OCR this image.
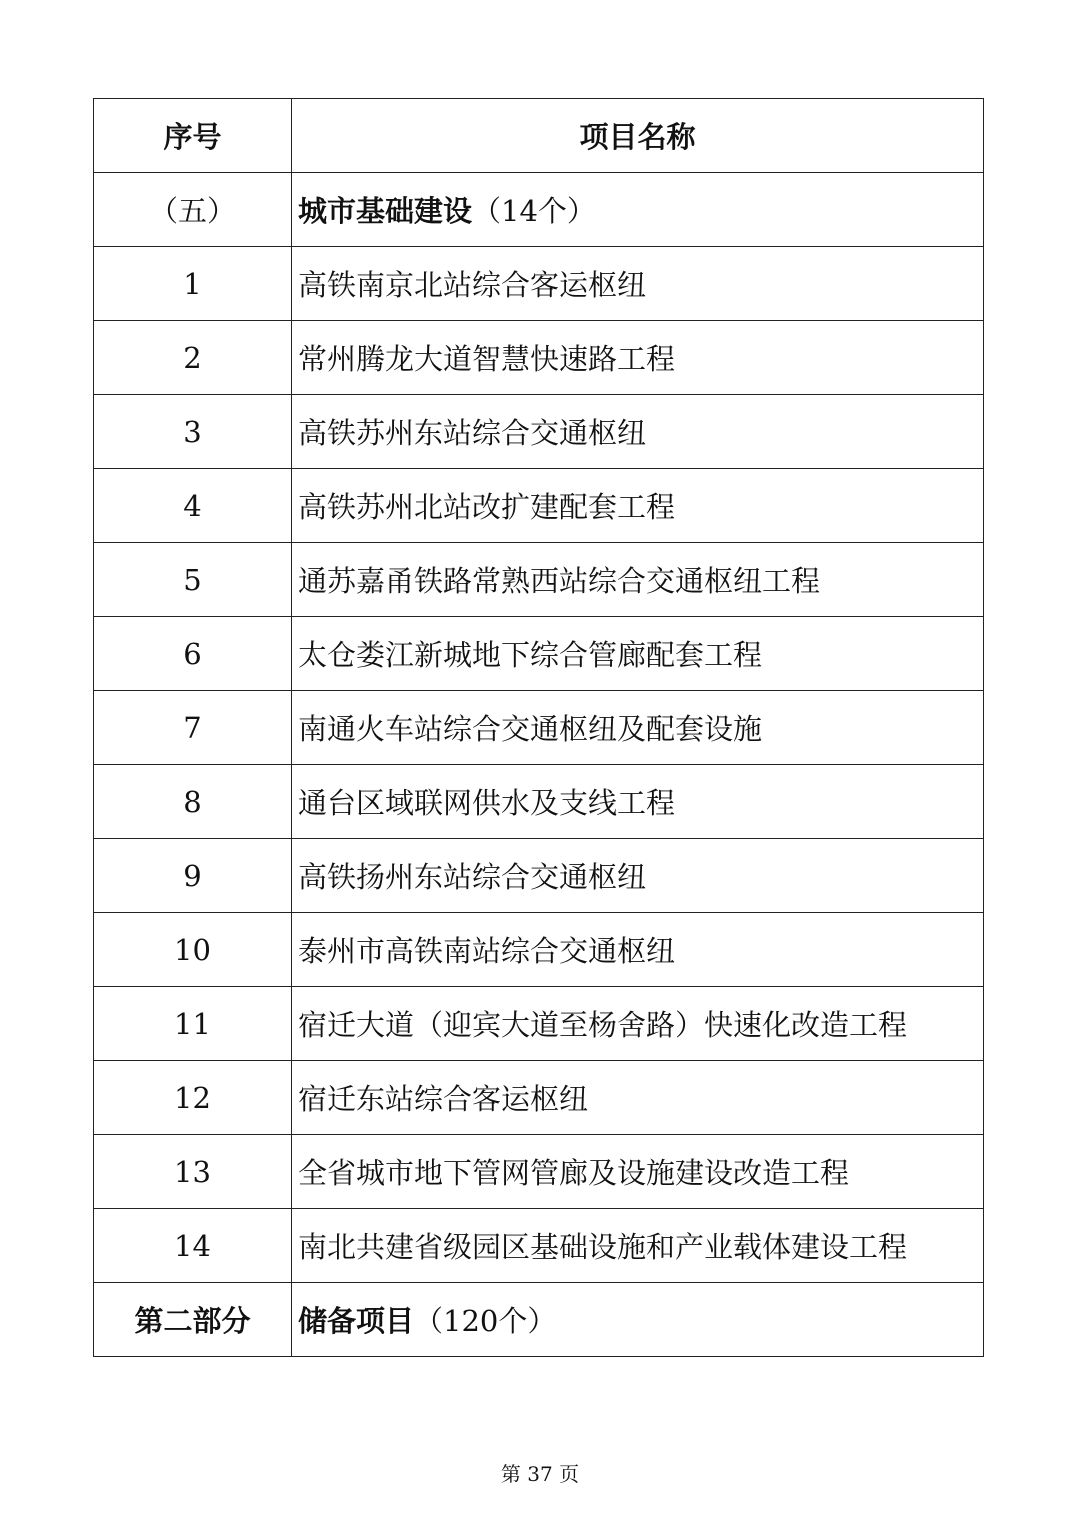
序号	项目名称
（五）	城市基础建设（14个）
1	高铁南京北站综合客运枢纽
2	常州腾龙大道智慧快速路工程
3	高铁苏州东站综合交通枢纽
4	高铁苏州北站改扩建配套工程
5	通苏嘉甬铁路常熟西站综合交通枢纽工程
6	太仓娄江新城地下综合管廊配套工程
7	南通火车站综合交通枢纽及配套设施
8	通台区域联网供水及支线工程
9	高铁扬州东站综合交通枢纽
10	泰州市高铁南站综合交通枢纽
11	宿迁大道（迎宾大道至杨舍路）快速化改造工程
12	宿迁东站综合客运枢纽
13	全省城市地下管网管廊及设施建设改造工程
14	南北共建省级园区基础设施和产业载体建设工程
第二部分	储备项目（120个）
第 37 页
